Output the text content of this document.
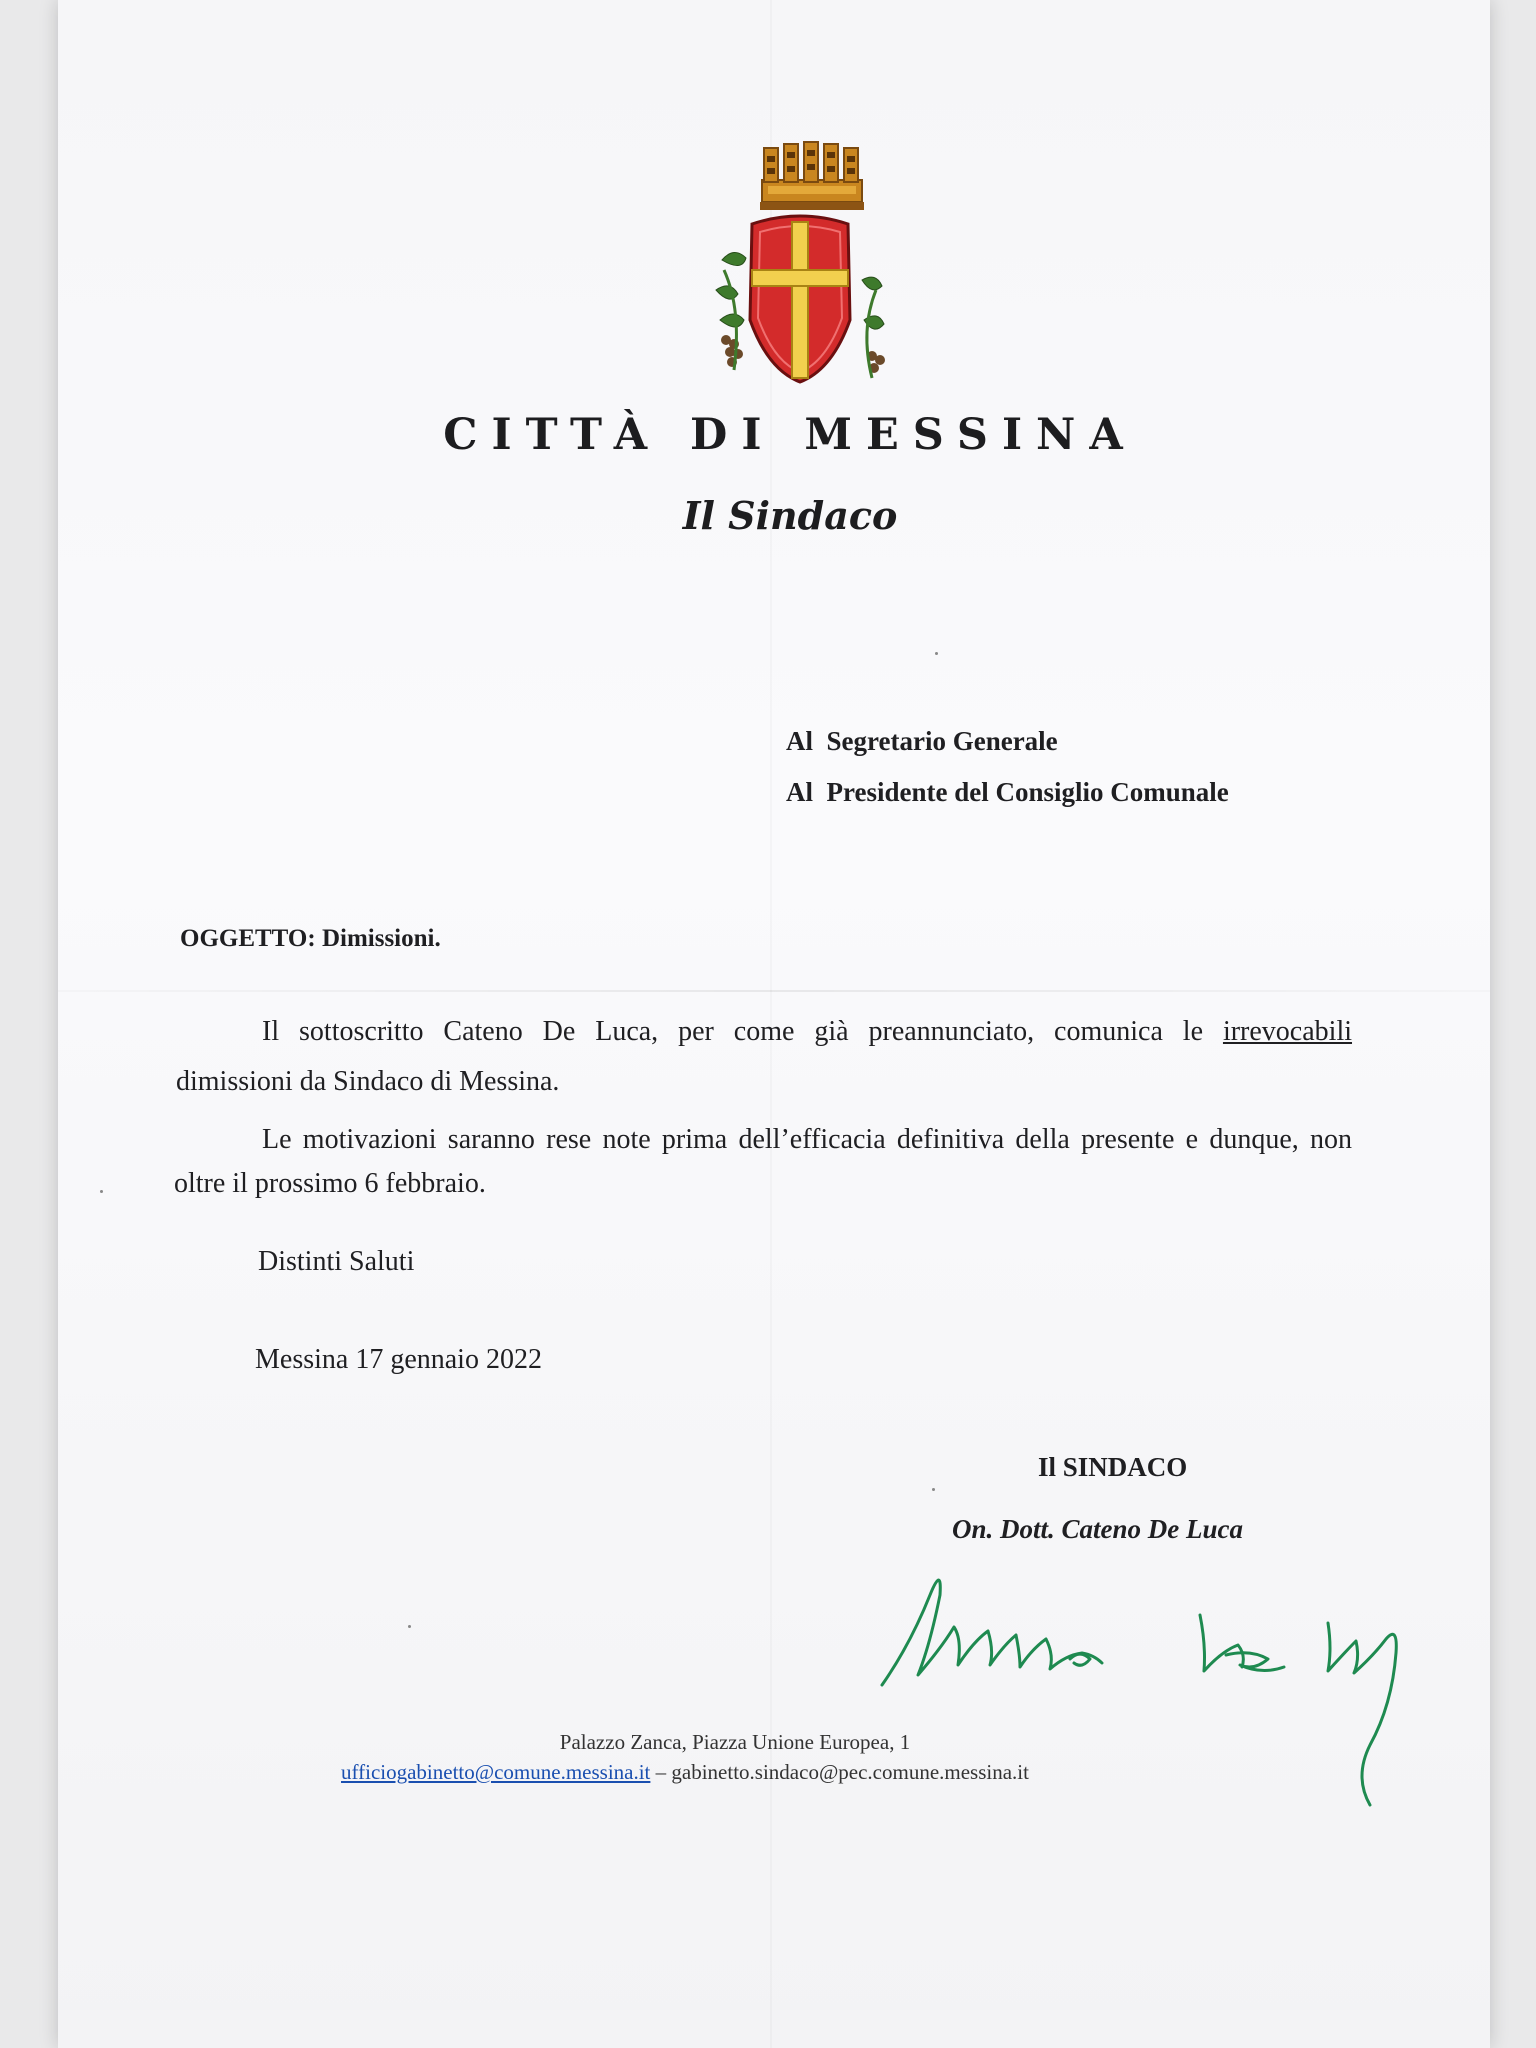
CITTÀ DI MESSINA
Il Sindaco
Al Segretario Generale
Al Presidente del Consiglio Comunale
OGGETTO: Dimissioni.
Il sottoscritto Cateno De Luca, per come già preannunciato, comunica le irrevocabili
dimissioni da Sindaco di Messina.
Le motivazioni saranno rese note prima dell’efficacia definitiva della presente e dunque, non
oltre il prossimo 6 febbraio.
Distinti Saluti
Messina 17 gennaio 2022
Il SINDACO
On. Dott. Cateno De Luca
Palazzo Zanca, Piazza Unione Europea, 1
ufficiogabinetto@comune.messina.it – gabinetto.sindaco@pec.comune.messina.it
